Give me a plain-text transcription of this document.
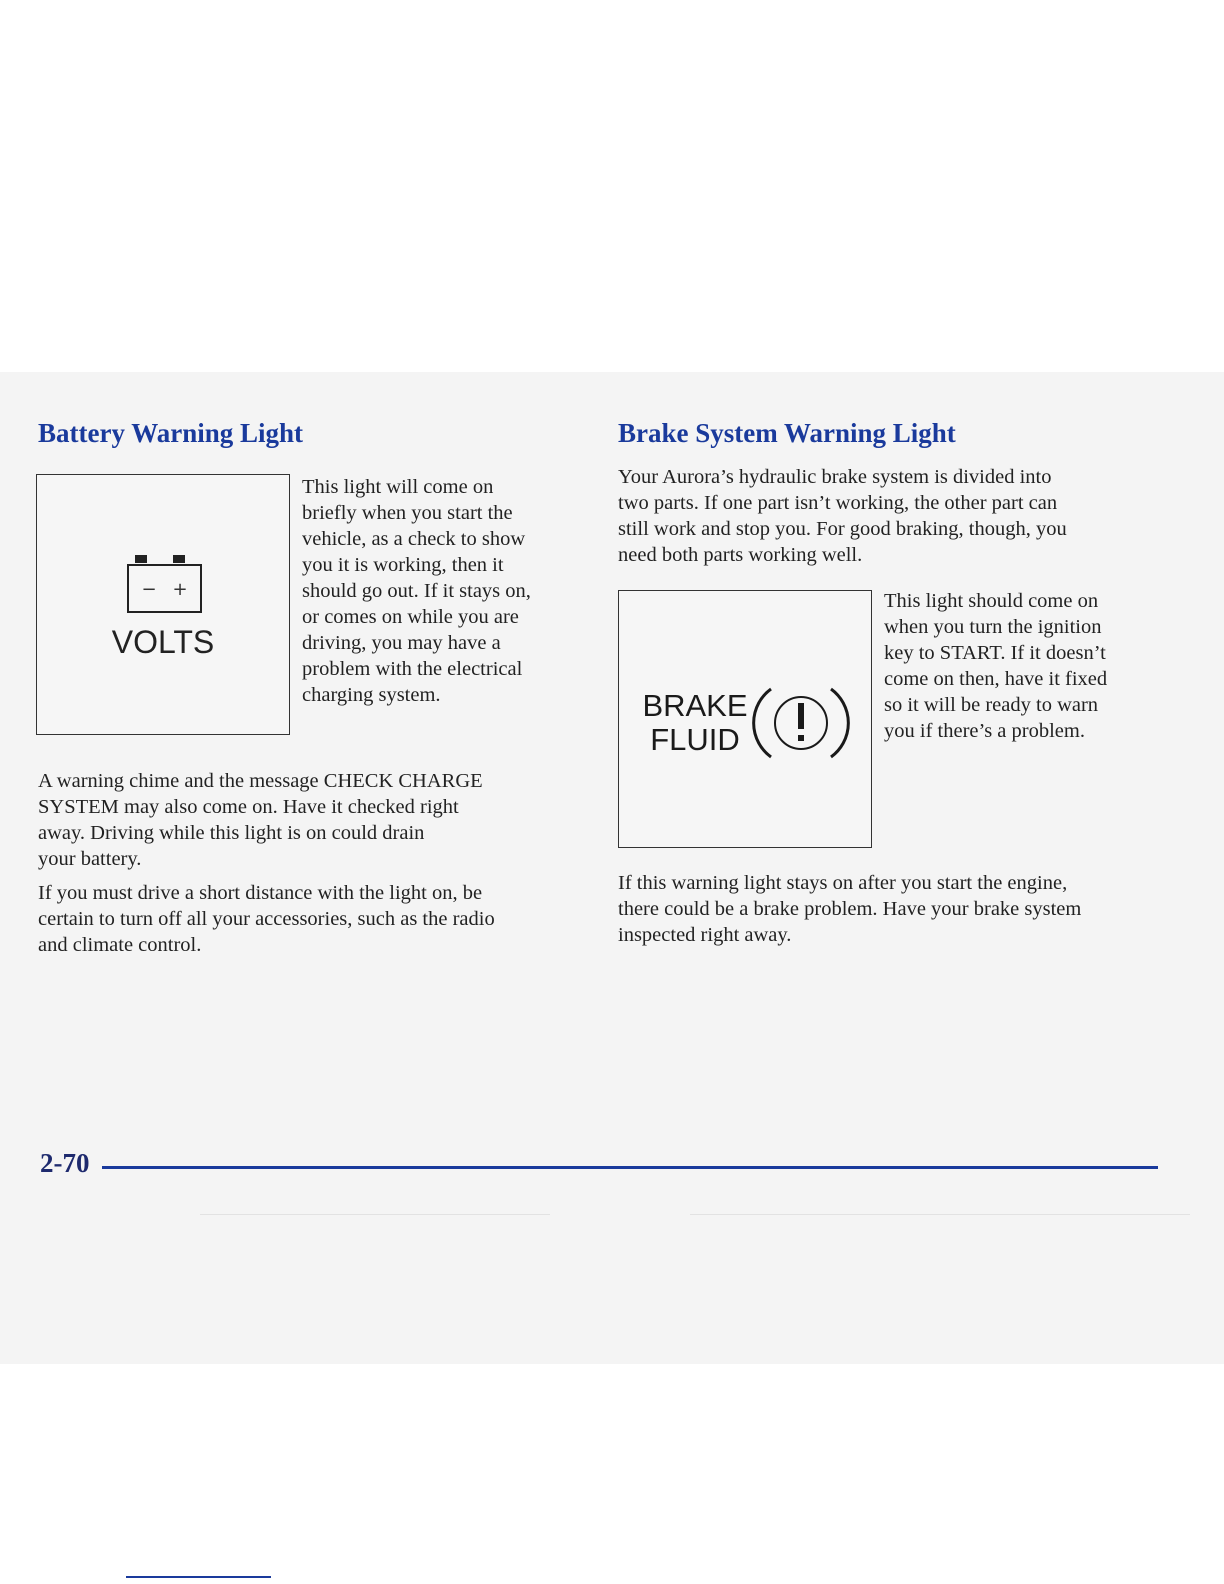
Battery Warning Light
− +
VOLTS
This light will come on
briefly when you start the
vehicle, as a check to show
you it is working, then it
should go out. If it stays on,
or comes on while you are
driving, you may have a
problem with the electrical
charging system.
A warning chime and the message CHECK CHARGE
SYSTEM may also come on. Have it checked right
away. Driving while this light is on could drain
your battery.
If you must drive a short distance with the light on, be
certain to turn off all your accessories, such as the radio
and climate control.
Brake System Warning Light
Your Aurora’s hydraulic brake system is divided into
two parts. If one part isn’t working, the other part can
still work and stop you. For good braking, though, you
need both parts working well.
BRAKE
FLUID
This light should come on
when you turn the ignition
key to START. If it doesn’t
come on then, have it fixed
so it will be ready to warn
you if there’s a problem.
If this warning light stays on after you start the engine,
there could be a brake problem. Have your brake system
inspected right away.
2-70
